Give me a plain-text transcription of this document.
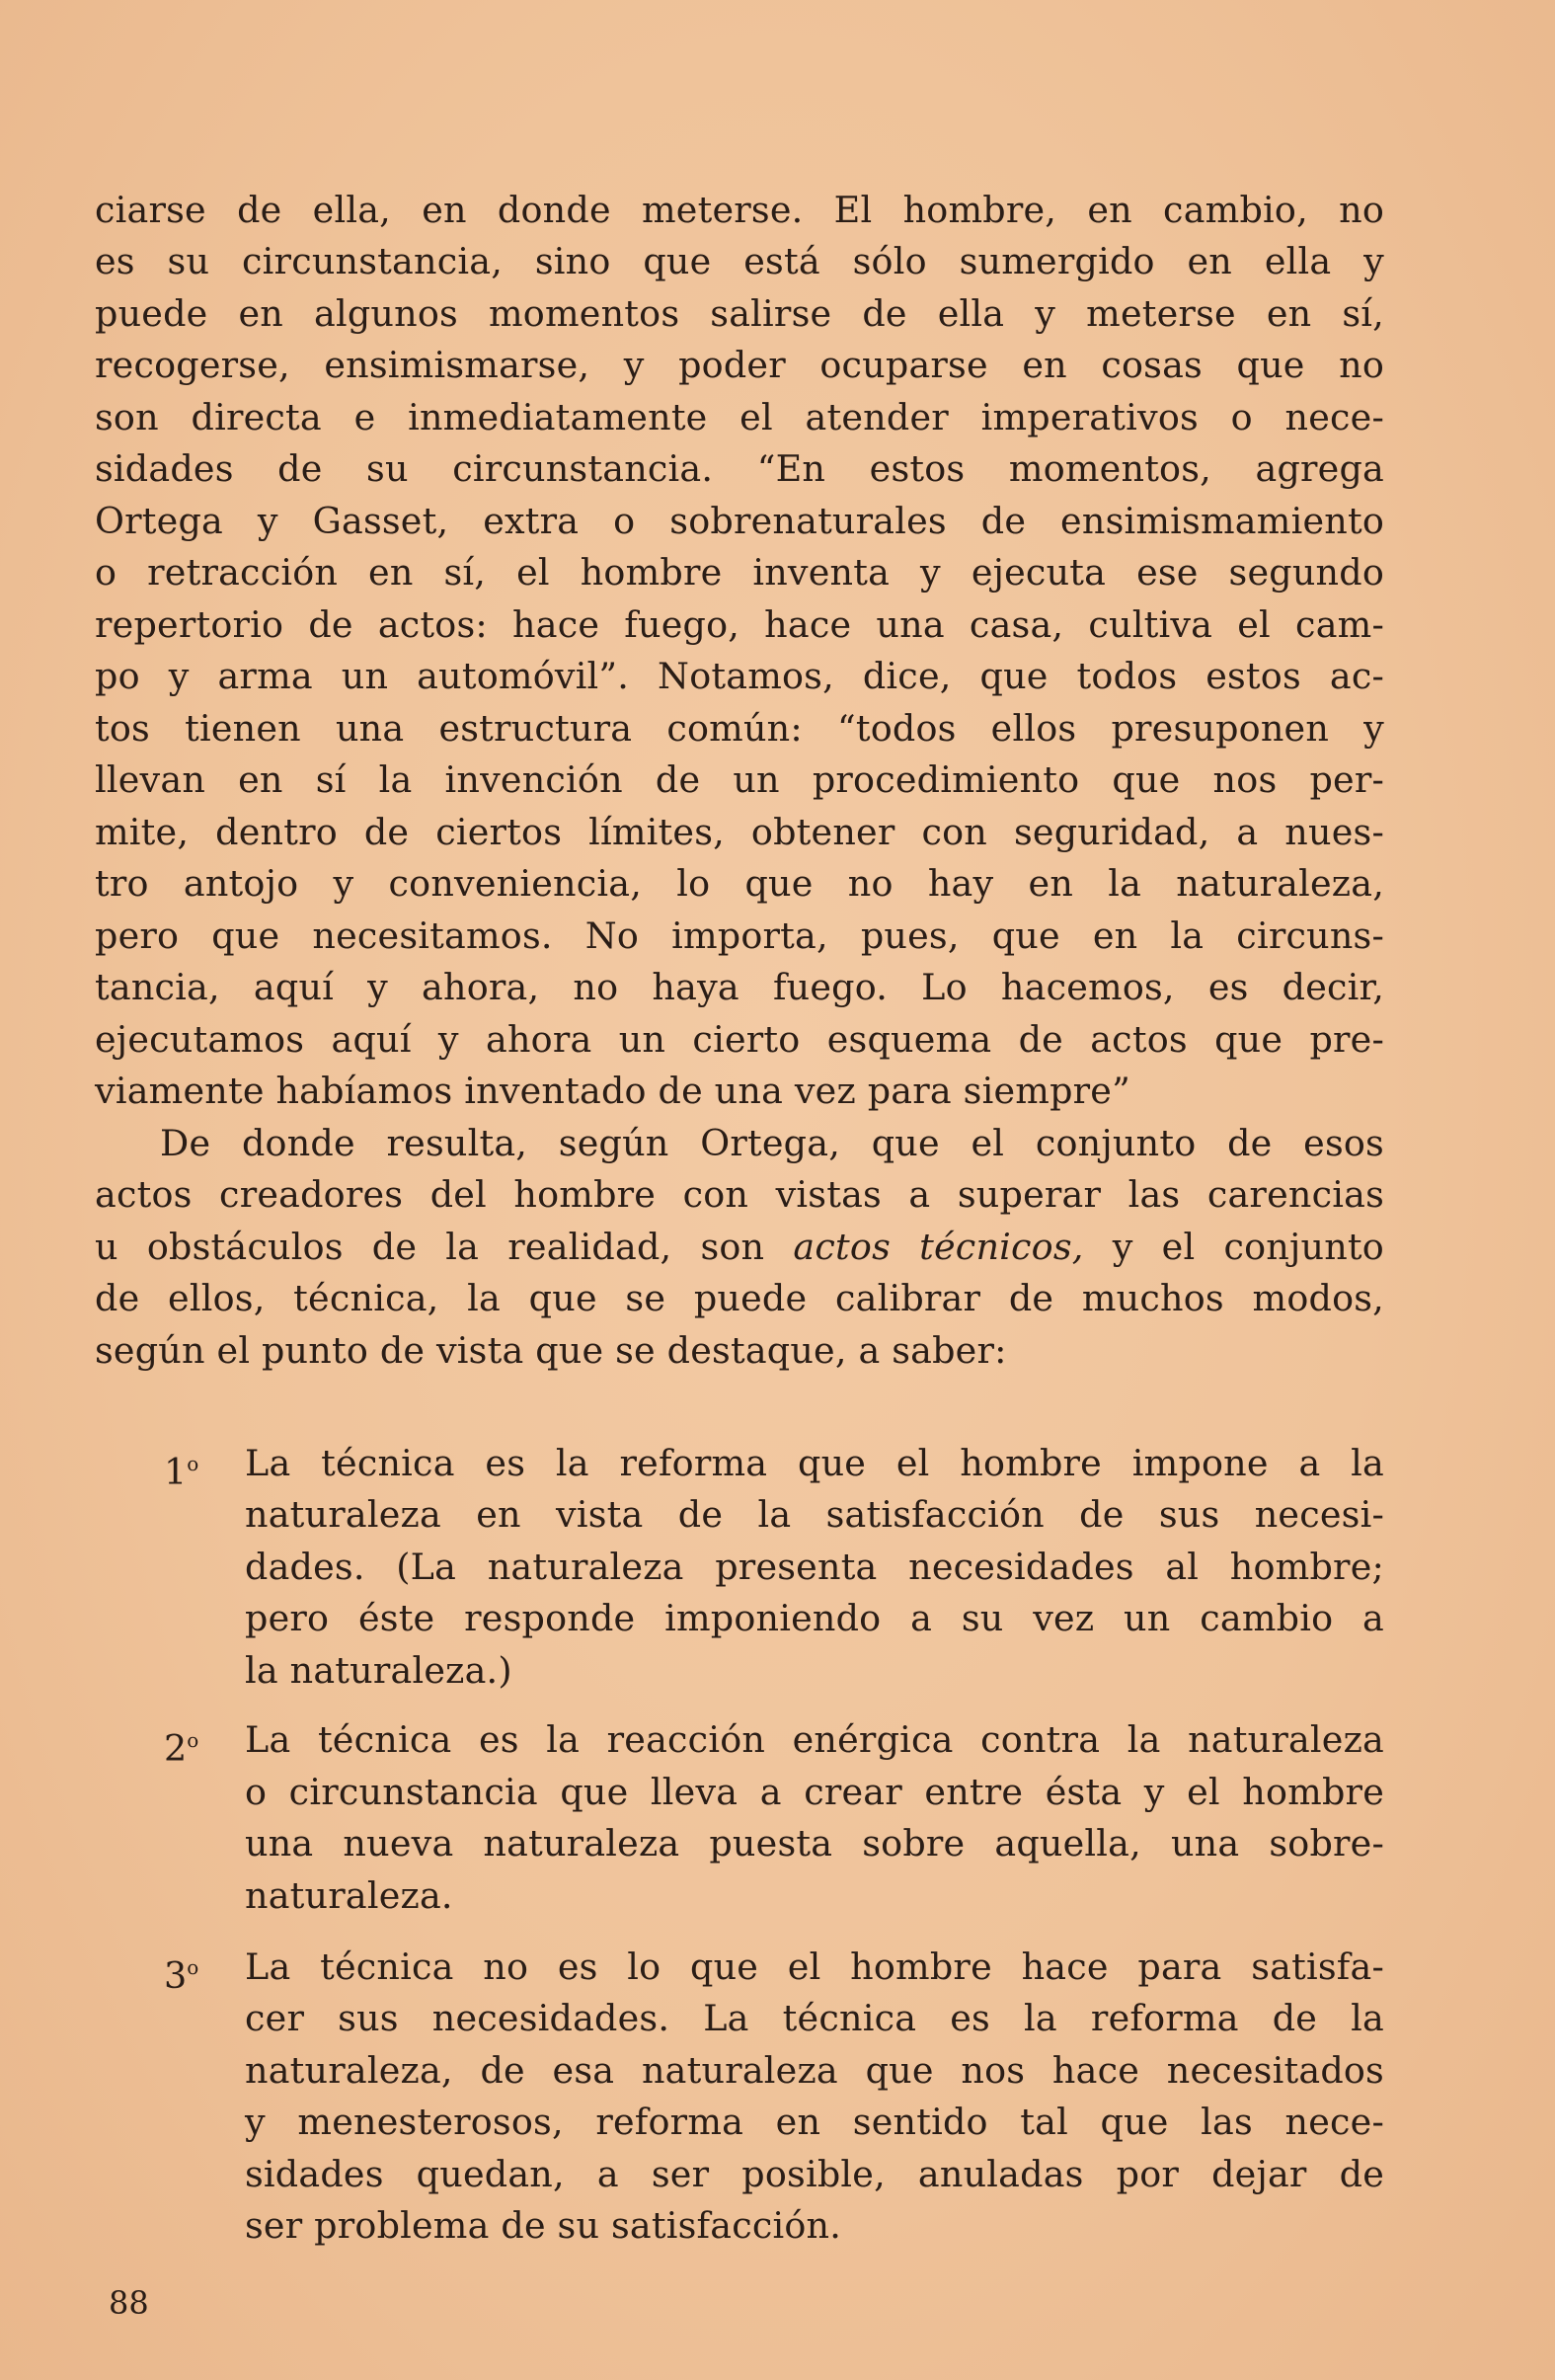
ciarse de ella, en donde meterse. El hombre, en cambio, no
es su circunstancia, sino que está sólo sumergido en ella y
puede en algunos momentos salirse de ella y meterse en sí,
recogerse, ensimismarse, y poder ocuparse en cosas que no
son directa e inmediatamente el atender imperativos o nece-
sidades de su circunstancia. “En estos momentos, agrega
Ortega y Gasset, extra o sobrenaturales de ensimismamiento
o retracción en sí, el hombre inventa y ejecuta ese segundo
repertorio de actos: hace fuego, hace una casa, cultiva el cam-
po y arma un automóvil”. Notamos, dice, que todos estos ac-
tos tienen una estructura común: “todos ellos presuponen y
llevan en sí la invención de un procedimiento que nos per-
mite, dentro de ciertos límites, obtener con seguridad, a nues-
tro antojo y conveniencia, lo que no hay en la naturaleza,
pero que necesitamos. No importa, pues, que en la circuns-
tancia, aquí y ahora, no haya fuego. Lo hacemos, es decir,
ejecutamos aquí y ahora un cierto esquema de actos que pre-
viamente habíamos inventado de una vez para siempre”
De donde resulta, según Ortega, que el conjunto de esos
actos creadores del hombre con vistas a superar las carencias
u obstáculos de la realidad, son actos técnicos, y el conjunto
de ellos, técnica, la que se puede calibrar de muchos modos,
según el punto de vista que se destaque, a saber:
1$^o$	La técnica es la reforma que el hombre impone a la
naturaleza en vista de la satisfacción de sus necesi-
dades. (La naturaleza presenta necesidades al hombre;
pero éste responde imponiendo a su vez un cambio a
la naturaleza.)
2$^o$	La técnica es la reacción enérgica contra la naturaleza
o circunstancia que lleva a crear entre ésta y el hombre
una nueva naturaleza puesta sobre aquella, una sobre-
naturaleza.
3$^o$	La técnica no es lo que el hombre hace para satisfa-
cer sus necesidades. La técnica es la reforma de la
naturaleza, de esa naturaleza que nos hace necesitados
y menesterosos, reforma en sentido tal que las nece-
sidades quedan, a ser posible, anuladas por dejar de
ser problema de su satisfacción.
88
